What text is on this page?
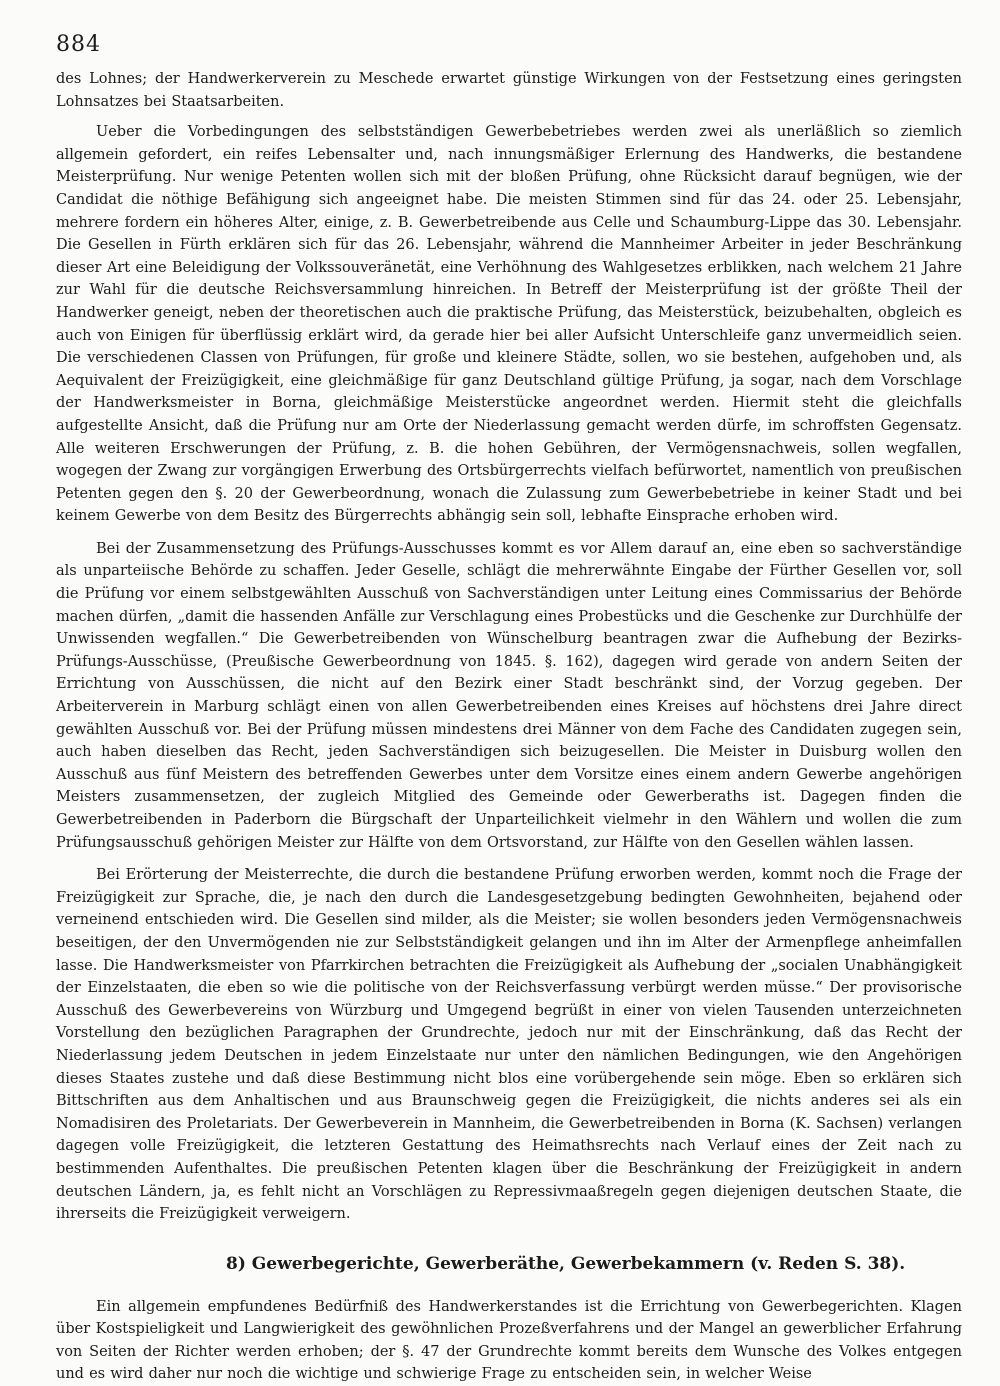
884

des Lohnes; der Handwerkerverein zu Meschede erwartet günstige Wirkungen von der Festsetzung eines geringsten Lohnsatzes bei Staatsarbeiten.

Ueber die Vorbedingungen des selbstständigen Gewerbebetriebes werden zwei als unerläßlich so ziemlich allgemein gefordert, ein reifes Lebensalter und, nach innungsmäßiger Erlernung des Handwerks, die bestandene Meisterprüfung. Nur wenige Petenten wollen sich mit der bloßen Prüfung, ohne Rücksicht darauf begnügen, wie der Candidat die nöthige Befähigung sich angeeignet habe. Die meisten Stimmen sind für das 24. oder 25. Lebensjahr, mehrere fordern ein höheres Alter, einige, z. B. Gewerbetreibende aus Celle und Schaumburg-Lippe das 30. Lebensjahr. Die Gesellen in Fürth erklären sich für das 26. Lebensjahr, während die Mannheimer Arbeiter in jeder Beschränkung dieser Art eine Beleidigung der Volkssouveränetät, eine Verhöhnung des Wahlgesetzes erblikken, nach welchem 21 Jahre zur Wahl für die deutsche Reichsversammlung hinreichen. In Betreff der Meisterprüfung ist der größte Theil der Handwerker geneigt, neben der theoretischen auch die praktische Prüfung, das Meisterstück, beizubehalten, obgleich es auch von Einigen für überflüssig erklärt wird, da gerade hier bei aller Aufsicht Unterschleife ganz unvermeidlich seien. Die verschiedenen Classen von Prüfungen, für große und kleinere Städte, sollen, wo sie bestehen, aufgehoben und, als Aequivalent der Freizügigkeit, eine gleichmäßige für ganz Deutschland gültige Prüfung, ja sogar, nach dem Vorschlage der Handwerksmeister in Borna, gleichmäßige Meisterstücke angeordnet werden. Hiermit steht die gleichfalls aufgestellte Ansicht, daß die Prüfung nur am Orte der Niederlassung gemacht werden dürfe, im schroffsten Gegensatz. Alle weiteren Erschwerungen der Prüfung, z. B. die hohen Gebühren, der Vermögensnachweis, sollen wegfallen, wogegen der Zwang zur vorgängigen Erwerbung des Ortsbürgerrechts vielfach befürwortet, namentlich von preußischen Petenten gegen den §. 20 der Gewerbeordnung, wonach die Zulassung zum Gewerbebetriebe in keiner Stadt und bei keinem Gewerbe von dem Besitz des Bürgerrechts abhängig sein soll, lebhafte Einsprache erhoben wird.

Bei der Zusammensetzung des Prüfungs-Ausschusses kommt es vor Allem darauf an, eine eben so sachverständige als unparteiische Behörde zu schaffen. Jeder Geselle, schlägt die mehrerwähnte Eingabe der Fürther Gesellen vor, soll die Prüfung vor einem selbstgewählten Ausschuß von Sachverständigen unter Leitung eines Commissarius der Behörde machen dürfen, „damit die hassenden Anfälle zur Verschlagung eines Probestücks und die Geschenke zur Durchhülfe der Unwissenden wegfallen.“ Die Gewerbetreibenden von Wünschelburg beantragen zwar die Aufhebung der Bezirks-Prüfungs-Ausschüsse, (Preußische Gewerbeordnung von 1845. §. 162), dagegen wird gerade von andern Seiten der Errichtung von Ausschüssen, die nicht auf den Bezirk einer Stadt beschränkt sind, der Vorzug gegeben. Der Arbeiterverein in Marburg schlägt einen von allen Gewerbetreibenden eines Kreises auf höchstens drei Jahre direct gewählten Ausschuß vor. Bei der Prüfung müssen mindestens drei Männer von dem Fache des Candidaten zugegen sein, auch haben dieselben das Recht, jeden Sachverständigen sich beizugesellen. Die Meister in Duisburg wollen den Ausschuß aus fünf Meistern des betreffenden Gewerbes unter dem Vorsitze eines einem andern Gewerbe angehörigen Meisters zusammensetzen, der zugleich Mitglied des Gemeinde oder Gewerberaths ist. Dagegen finden die Gewerbetreibenden in Paderborn die Bürgschaft der Unparteilichkeit vielmehr in den Wählern und wollen die zum Prüfungsausschuß gehörigen Meister zur Hälfte von dem Ortsvorstand, zur Hälfte von den Gesellen wählen lassen.

Bei Erörterung der Meisterrechte, die durch die bestandene Prüfung erworben werden, kommt noch die Frage der Freizügigkeit zur Sprache, die, je nach den durch die Landesgesetzgebung bedingten Gewohnheiten, bejahend oder verneinend entschieden wird. Die Gesellen sind milder, als die Meister; sie wollen besonders jeden Vermögensnachweis beseitigen, der den Unvermögenden nie zur Selbstständigkeit gelangen und ihn im Alter der Armenpflege anheimfallen lasse. Die Handwerksmeister von Pfarrkirchen betrachten die Freizügigkeit als Aufhebung der „socialen Unabhängigkeit der Einzelstaaten, die eben so wie die politische von der Reichsverfassung verbürgt werden müsse.“ Der provisorische Ausschuß des Gewerbevereins von Würzburg und Umgegend begrüßt in einer von vielen Tausenden unterzeichneten Vorstellung den bezüglichen Paragraphen der Grundrechte, jedoch nur mit der Einschränkung, daß das Recht der Niederlassung jedem Deutschen in jedem Einzelstaate nur unter den nämlichen Bedingungen, wie den Angehörigen dieses Staates zustehe und daß diese Bestimmung nicht blos eine vorübergehende sein möge. Eben so erklären sich Bittschriften aus dem Anhaltischen und aus Braunschweig gegen die Freizügigkeit, die nichts anderes sei als ein Nomadisiren des Proletariats. Der Gewerbeverein in Mannheim, die Gewerbetreibenden in Borna (K. Sachsen) verlangen dagegen volle Freizügigkeit, die letzteren Gestattung des Heimathsrechts nach Verlauf eines der Zeit nach zu bestimmenden Aufenthaltes. Die preußischen Petenten klagen über die Beschränkung der Freizügigkeit in andern deutschen Ländern, ja, es fehlt nicht an Vorschlägen zu Repressivmaaßregeln gegen diejenigen deutschen Staate, die ihrerseits die Freizügigkeit verweigern.

8) Gewerbegerichte, Gewerberäthe, Gewerbekammern (v. Reden S. 38).

Ein allgemein empfundenes Bedürfniß des Handwerkerstandes ist die Errichtung von Gewerbegerichten. Klagen über Kostspieligkeit und Langwierigkeit des gewöhnlichen Prozeßverfahrens und der Mangel an gewerblicher Erfahrung von Seiten der Richter werden erhoben; der §. 47 der Grundrechte kommt bereits dem Wunsche des Volkes entgegen und es wird daher nur noch die wichtige und schwierige Frage zu entscheiden sein, in welcher Weise
